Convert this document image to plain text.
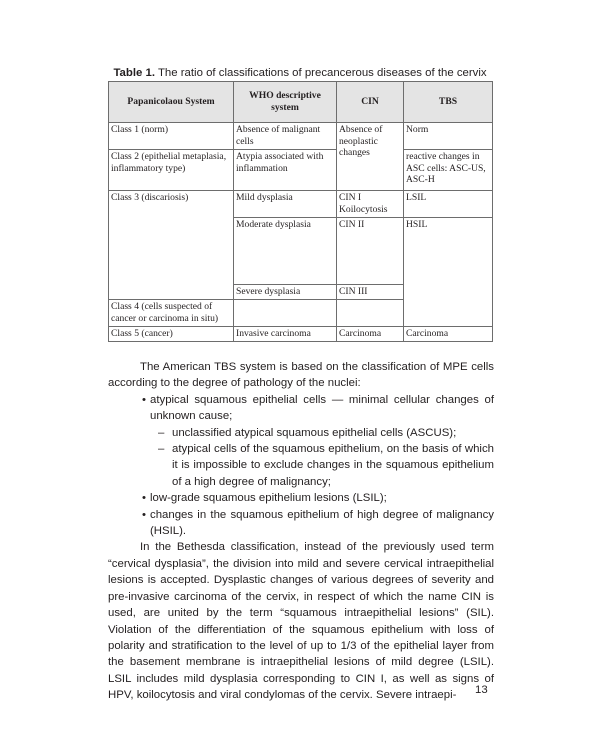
Table 1. The ratio of classifications of precancerous diseases of the cervix
Papanicolaou System	WHO descriptive system	CIN	TBS
Class 1 (norm)	Absence of malignant cells	Absence of neoplastic changes	Norm
Class 2 (epithelial metaplasia, inflammatory type)	Atypia associated with inflammation		reactive changes in ASC cells: ASC-US, ASC-H
Class 3 (discariosis)	Mild dysplasia	CIN I Koilocytosis	LSIL
	Moderate dysplasia	CIN II	HSIL
	Severe dysplasia	CIN III	
Class 4 (cells suspected of cancer or carcinoma in situ)			
Class 5 (cancer)	Invasive carcinoma	Carcinoma	Carcinoma

The American TBS system is based on the classification of MPE cells according to the degree of pathology of the nuclei:

• atypical squamous epithelial cells — minimal cellular changes of unknown cause;
– unclassified atypical squamous epithelial cells (ASCUS);
– atypical cells of the squamous epithelium, on the basis of which it is impossible to exclude changes in the squamous epithelium of a high degree of malignancy;
• low-grade squamous epithelium lesions (LSIL);
• changes in the squamous epithelium of high degree of malignancy (HSIL).

In the Bethesda classification, instead of the previously used term “cervical dysplasia”, the division into mild and severe cervical intraepithelial lesions is accepted. Dysplastic changes of various degrees of severity and pre-invasive carcinoma of the cervix, in respect of which the name CIN is used, are united by the term “squamous intraepithelial lesions” (SIL). Violation of the differentiation of the squamous epithelium with loss of polarity and stratification to the level of up to 1/3 of the epithelial layer from the basement membrane is intraepithelial lesions of mild degree (LSIL). LSIL includes mild dysplasia corresponding to CIN I, as well as signs of HPV, koilocytosis and viral condylomas of the cervix. Severe intraepi-	13
